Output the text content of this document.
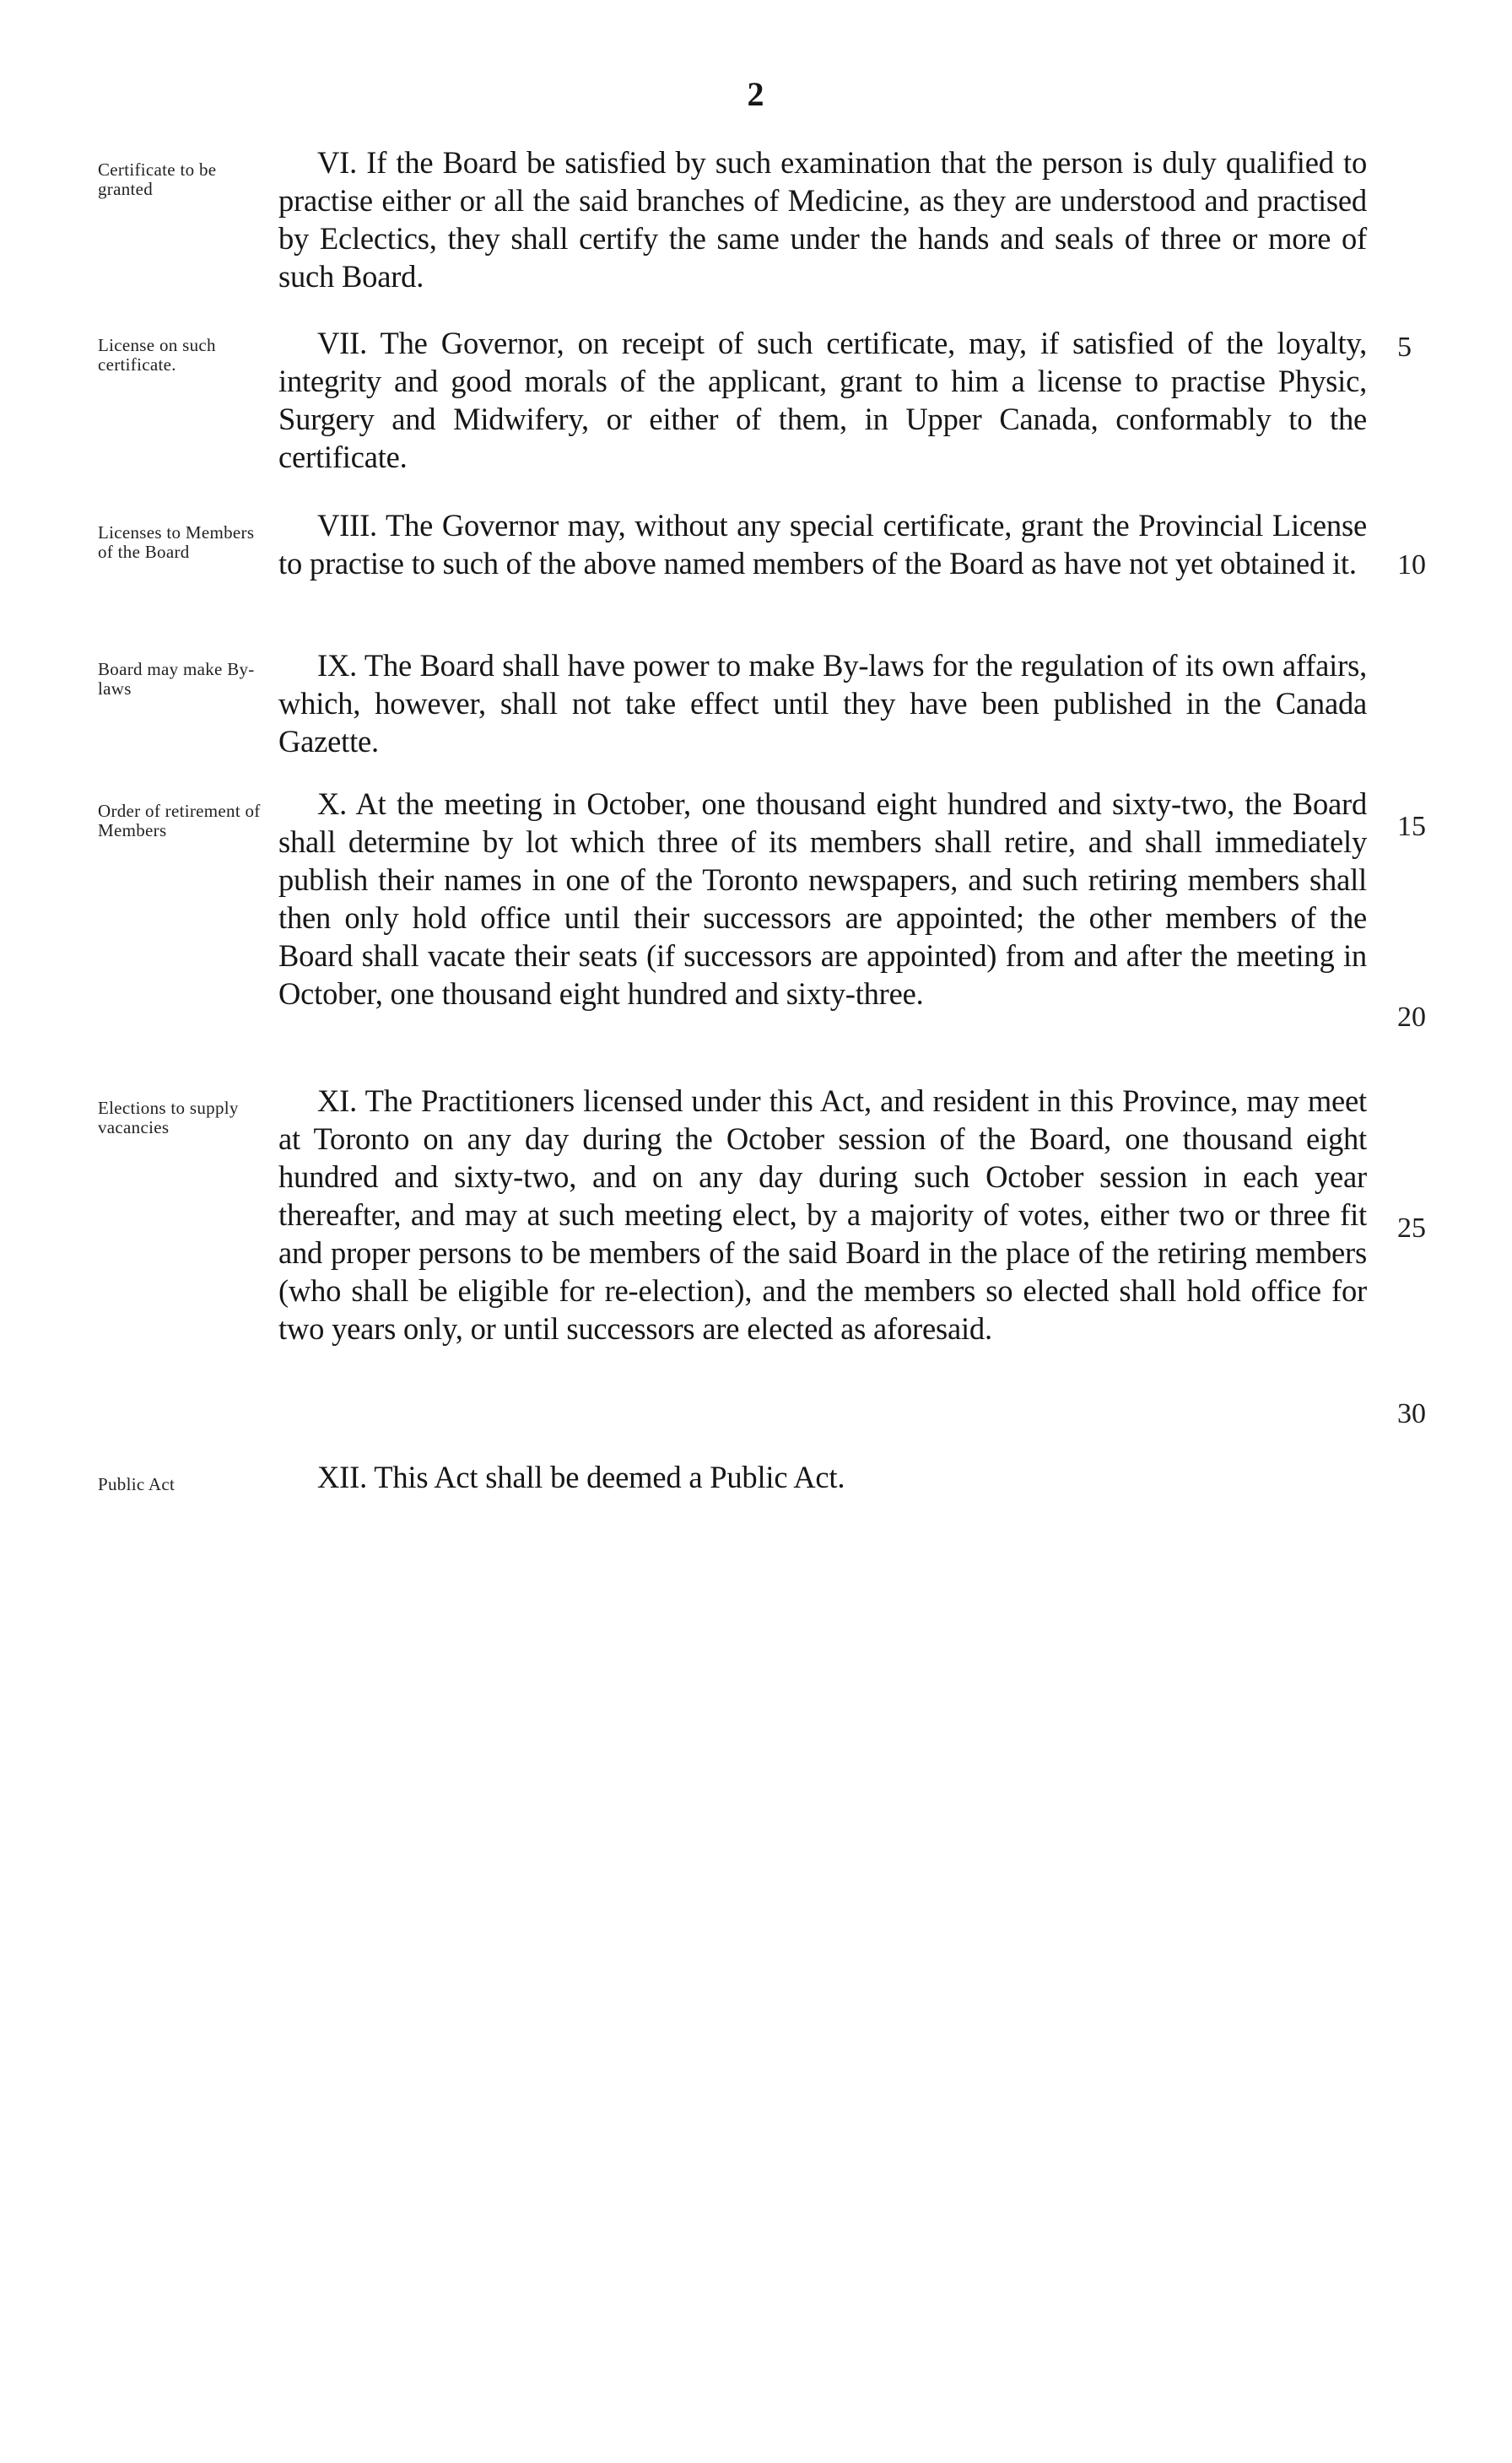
2
Certificate to be granted

VI. If the Board be satisfied by such examination that the person is duly qualified to practise either or all the said branches of Medicine, as they are understood and practised by Eclectics, they shall certify the same under the hands and seals of three or more of such Board.

License on such certificate.

VII. The Governor, on receipt of such certificate, may, if satisfied of the loyalty, integrity and good morals of the applicant, grant to him a license to practise Physic, Surgery and Midwifery, or either of them, in Upper Canada, conformably to the certificate.

Licenses to Members of the Board

VIII. The Governor may, without any special certificate, grant the Provincial License to practise to such of the above named members of the Board as have not yet obtained it.

Board may make By-laws

IX. The Board shall have power to make By-laws for the regulation of its own affairs, which, however, shall not take effect until they have been published in the Canada Gazette.

Order of retirement of Members

X. At the meeting in October, one thousand eight hundred and sixty-two, the Board shall determine by lot which three of its members shall retire, and shall immediately publish their names in one of the Toronto newspapers, and such retiring members shall then only hold office until their successors are appointed; the other members of the Board shall vacate their seats (if successors are appointed) from and after the meeting in October, one thousand eight hundred and sixty-three.

Elections to supply vacancies

XI. The Practitioners licensed under this Act, and resident in this Province, may meet at Toronto on any day during the October session of the Board, one thousand eight hundred and sixty-two, and on any day during such October session in each year thereafter, and may at such meeting elect, by a majority of votes, either two or three fit and proper persons to be members of the said Board in the place of the retiring members (who shall be eligible for re-election), and the members so elected shall hold office for two years only, or until successors are elected as aforesaid.

Public Act	XII. This Act shall be deemed a Public Act.

5
10
15
20
25
30
